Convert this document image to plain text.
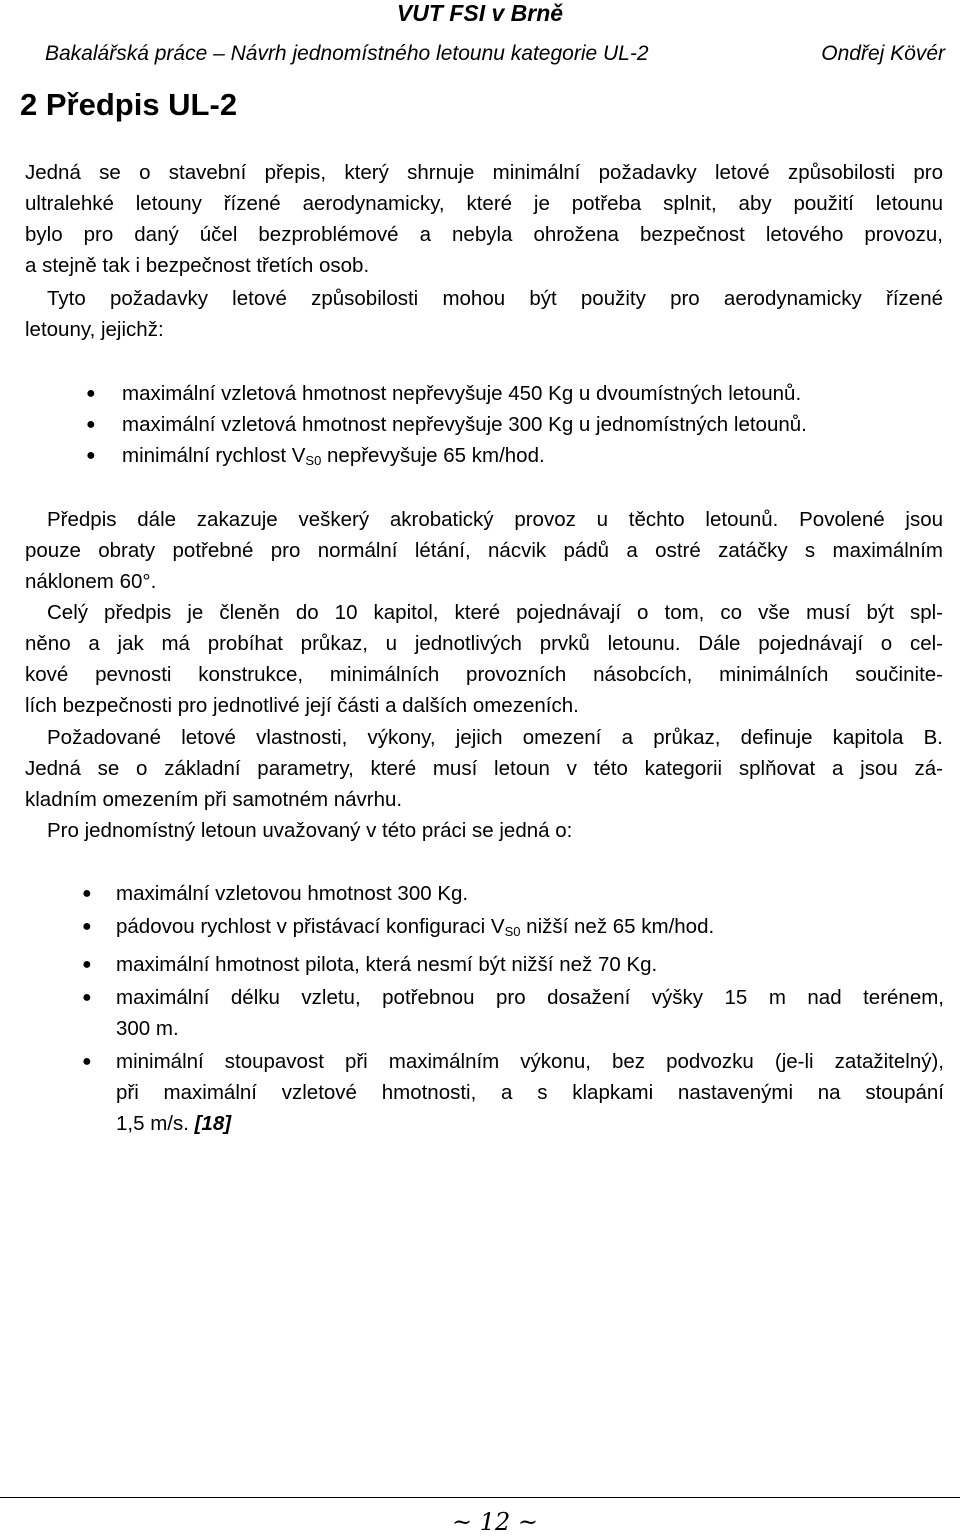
VUT FSI v Brně
Bakalářská práce – Návrh jednomístného letounu kategorie UL-2	Ondřej Kövér
2 Předpis UL-2
Jedná se o stavební přepis, který shrnuje minimální požadavky letové způsobilosti pro
ultralehké letouny řízené aerodynamicky, které je potřeba splnit, aby použití letounu
bylo pro daný účel bezproblémové a nebyla ohrožena bezpečnost letového provozu,
a stejně tak i bezpečnost třetích osob.
Tyto požadavky letové způsobilosti mohou být použity pro aerodynamicky řízené
letouny, jejichž:
● maximální vzletová hmotnost nepřevyšuje 450 Kg u dvoumístných letounů.
● maximální vzletová hmotnost nepřevyšuje 300 Kg u jednomístných letounů.
● minimální rychlost $V_{S0}$ nepřevyšuje 65 km/hod.
Předpis dále zakazuje veškerý akrobatický provoz u těchto letounů. Povolené jsou
pouze obraty potřebné pro normální létání, nácvik pádů a ostré zatáčky s maximálním
náklonem 60°.
Celý předpis je členěn do 10 kapitol, které pojednávají o tom, co vše musí být spl-
něno a jak má probíhat průkaz, u jednotlivých prvků letounu. Dále pojednávají o cel-
kové pevnosti konstrukce, minimálních provozních násobcích, minimálních součinite-
lích bezpečnosti pro jednotlivé její části a dalších omezeních.
Požadované letové vlastnosti, výkony, jejich omezení a průkaz, definuje kapitola B.
Jedná se o základní parametry, které musí letoun v této kategorii splňovat a jsou zá-
kladním omezením při samotném návrhu.
Pro jednomístný letoun uvažovaný v této práci se jedná o:
● maximální vzletovou hmotnost 300 Kg.
● pádovou rychlost v přistávací konfiguraci $V_{S0}$ nižší než 65 km/hod.
● maximální hmotnost pilota, která nesmí být nižší než 70 Kg.
● maximální délku vzletu, potřebnou pro dosažení výšky 15 m nad terénem,
300 m.
● minimální stoupavost při maximálním výkonu, bez podvozku (je-li zatažitelný),
při maximální vzletové hmotnosti, a s klapkami nastavenými na stoupání
1,5 m/s. [18]
~ 12 ~
